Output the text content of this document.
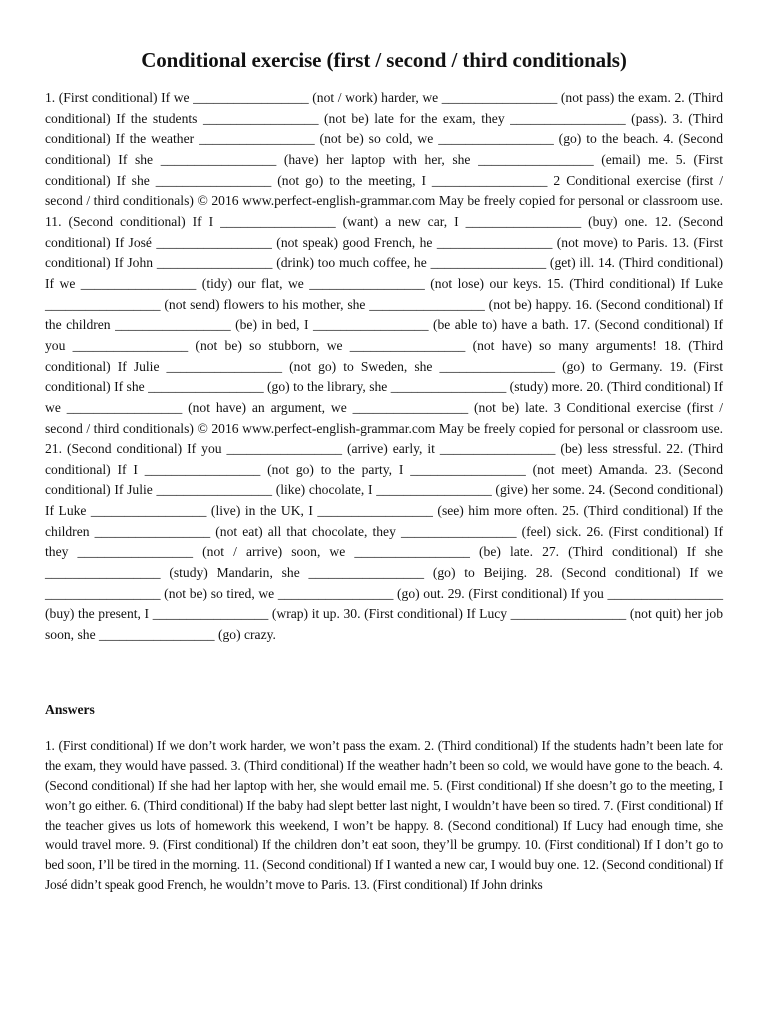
Conditional exercise (first / second / third conditionals)

1. (First conditional) If we _________________ (not / work) harder, we _________________ (not pass) the exam. 2. (Third conditional) If the students _________________ (not be) late for the exam, they _________________ (pass). 3. (Third conditional) If the weather _________________ (not be) so cold, we _________________ (go) to the beach. 4. (Second conditional) If she _________________ (have) her laptop with her, she _________________ (email) me. 5. (First conditional) If she _________________ (not go) to the meeting, I _________________ 2 Conditional exercise (first / second / third conditionals) © 2016 www.perfect-english-grammar.com May be freely copied for personal or classroom use. 11. (Second conditional) If I _________________ (want) a new car, I _________________ (buy) one. 12. (Second conditional) If José _________________ (not speak) good French, he _________________ (not move) to Paris. 13. (First conditional) If John _________________ (drink) too much coffee, he _________________ (get) ill. 14. (Third conditional) If we _________________ (tidy) our flat, we _________________ (not lose) our keys. 15. (Third conditional) If Luke _________________ (not send) flowers to his mother, she _________________ (not be) happy. 16. (Second conditional) If the children _________________ (be) in bed, I _________________ (be able to) have a bath. 17. (Second conditional) If you _________________ (not be) so stubborn, we _________________ (not have) so many arguments! 18. (Third conditional) If Julie _________________ (not go) to Sweden, she _________________ (go) to Germany. 19. (First conditional) If she _________________ (go) to the library, she _________________ (study) more. 20. (Third conditional) If we _________________ (not have) an argument, we _________________ (not be) late. 3 Conditional exercise (first / second / third conditionals) © 2016 www.perfect-english-grammar.com May be freely copied for personal or classroom use. 21. (Second conditional) If you _________________ (arrive) early, it _________________ (be) less stressful. 22. (Third conditional) If I _________________ (not go) to the party, I _________________ (not meet) Amanda. 23. (Second conditional) If Julie _________________ (like) chocolate, I _________________ (give) her some. 24. (Second conditional) If Luke _________________ (live) in the UK, I _________________ (see) him more often. 25. (Third conditional) If the children _________________ (not eat) all that chocolate, they _________________ (feel) sick. 26. (First conditional) If they _________________ (not / arrive) soon, we _________________ (be) late. 27. (Third conditional) If she _________________ (study) Mandarin, she _________________ (go) to Beijing. 28. (Second conditional) If we _________________ (not be) so tired, we _________________ (go) out. 29. (First conditional) If you _________________ (buy) the present, I _________________ (wrap) it up. 30. (First conditional) If Lucy _________________ (not quit) her job soon, she _________________ (go) crazy.

Answers

1. (First conditional) If we don’t work harder, we won’t pass the exam. 2. (Third conditional) If the students hadn’t been late for the exam, they would have passed. 3. (Third conditional) If the weather hadn’t been so cold, we would have gone to the beach. 4. (Second conditional) If she had her laptop with her, she would email me. 5. (First conditional) If she doesn’t go to the meeting, I won’t go either. 6. (Third conditional) If the baby had slept better last night, I wouldn’t have been so tired. 7. (First conditional) If the teacher gives us lots of homework this weekend, I won’t be happy. 8. (Second conditional) If Lucy had enough time, she would travel more. 9. (First conditional) If the children don’t eat soon, they’ll be grumpy. 10. (First conditional) If I don’t go to bed soon, I’ll be tired in the morning. 11. (Second conditional) If I wanted a new car, I would buy one. 12. (Second conditional) If José didn’t speak good French, he wouldn’t move to Paris. 13. (First conditional) If John drinks
